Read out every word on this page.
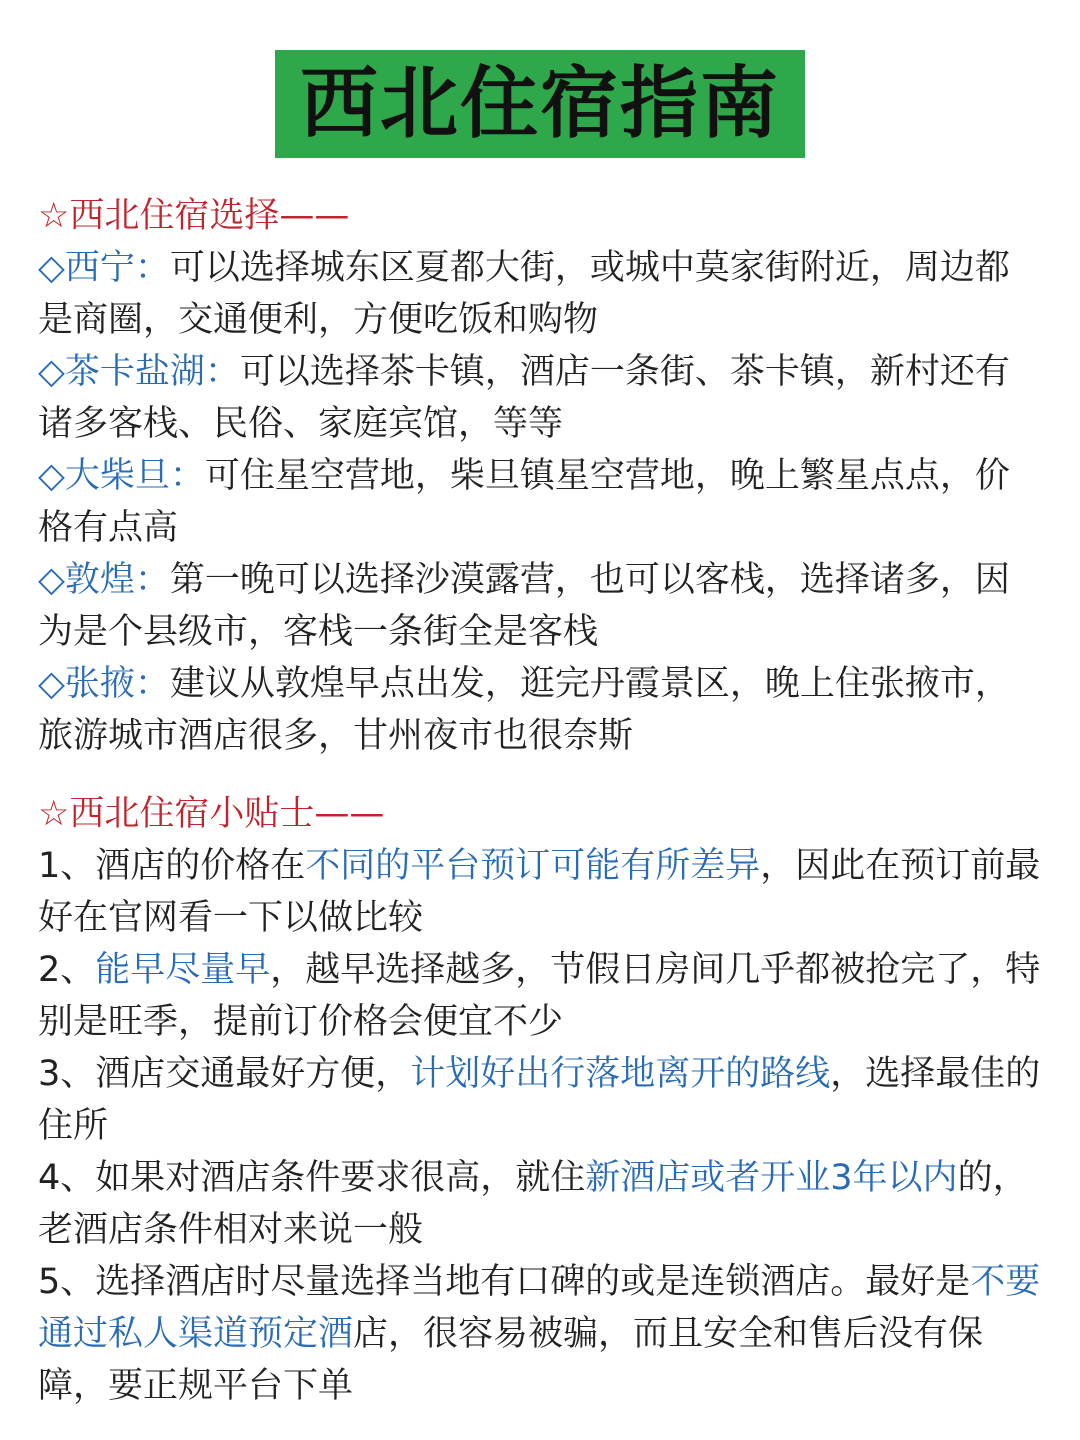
西北住宿指南
☆西北住宿选择——

◇西宁：可以选择城东区夏都大街，或城中莫家街附近，周边都是商圈，交通便利，方便吃饭和购物

◇茶卡盐湖：可以选择茶卡镇，酒店一条街、茶卡镇，新村还有诸多客栈、民俗、家庭宾馆，等等

◇大柴旦：可住星空营地，柴旦镇星空营地，晚上繁星点点，价格有点高

◇敦煌：第一晚可以选择沙漠露营，也可以客栈，选择诸多，因为是个县级市，客栈一条街全是客栈

◇张掖：建议从敦煌早点出发，逛完丹霞景区，晚上住张掖市，旅游城市酒店很多，甘州夜市也很奈斯

☆西北住宿小贴士——

1、酒店的价格在不同的平台预订可能有所差异，因此在预订前最好在官网看一下以做比较

2、能早尽量早，越早选择越多，节假日房间几乎都被抢完了，特别是旺季，提前订价格会便宜不少

3、酒店交通最好方便，计划好出行落地离开的路线，选择最佳的住所

4、如果对酒店条件要求很高，就住新酒店或者开业3年以内的，老酒店条件相对来说一般

5、选择酒店时尽量选择当地有口碑的或是连锁酒店。最好是不要通过私人渠道预定酒店，很容易被骗，而且安全和售后没有保障，要正规平台下单
